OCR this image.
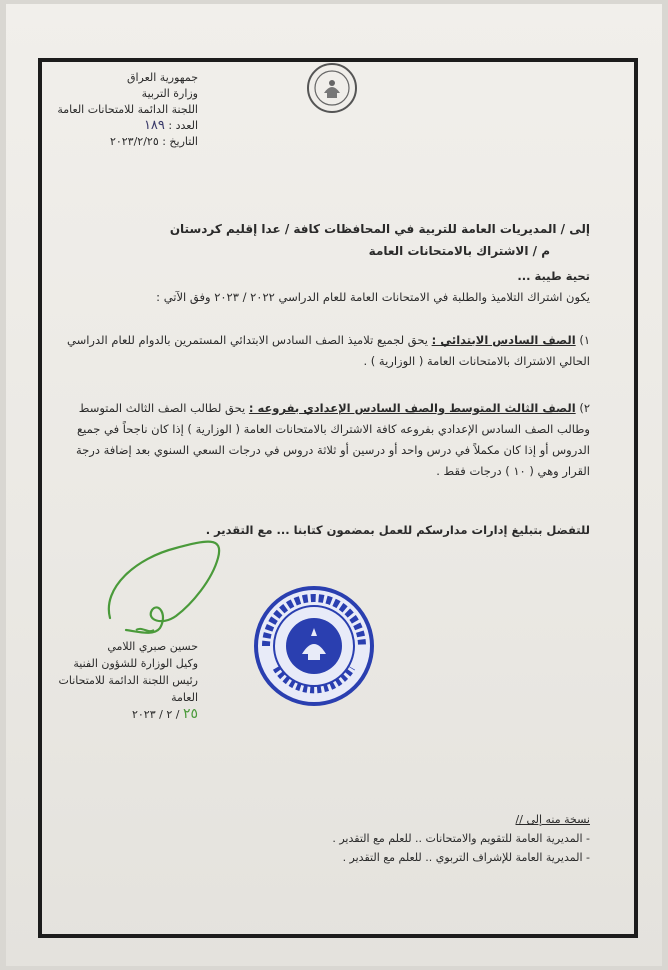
جمهورية العراق
وزارة التربية
اللجنة الدائمة للامتحانات العامة
العدد : ١٨٩
التاريخ : ٢٠٢٣/٢/٢٥
إلى / المديريات العامة للتربية في المحافظات كافة / عدا إقليم كردستان
م / الاشتراك بالامتحانات العامة
تحية طيبة ...
يكون اشتراك التلاميذ والطلبة في الامتحانات العامة للعام الدراسي ٢٠٢٢ / ٢٠٢٣ وفق الآتي :
١) الصف السادس الابتدائي : يحق لجميع تلاميذ الصف السادس الابتدائي المستمرين بالدوام للعام الدراسي الحالي الاشتراك بالامتحانات العامة ( الوزارية ) .
٢) الصف الثالث المتوسط والصف السادس الإعدادي بفروعه : يحق لطالب الصف الثالث المتوسط وطالب الصف السادس الإعدادي بفروعه كافة الاشتراك بالامتحانات العامة ( الوزارية ) إذا كان ناجحاً في جميع الدروس أو إذا كان مكملاً في درس واحد أو درسين أو ثلاثة دروس في درجات السعي السنوي بعد إضافة درجة القرار وهي ( ١٠ ) درجات فقط .
للتفضل بتبليغ إدارات مدارسكم للعمل بمضمون كتابنا ... مع التقدير .
حسين صبري اللامي
وكيل الوزارة للشؤون الفنية
رئيس اللجنة الدائمة للامتحانات العامة
٢٥ / ٢ / ٢٠٢٣
نسخة منه إلى //
- المديرية العامة للتقويم والامتحانات .. للعلم مع التقدير .
- المديرية العامة للإشراف التربوي .. للعلم مع التقدير .
